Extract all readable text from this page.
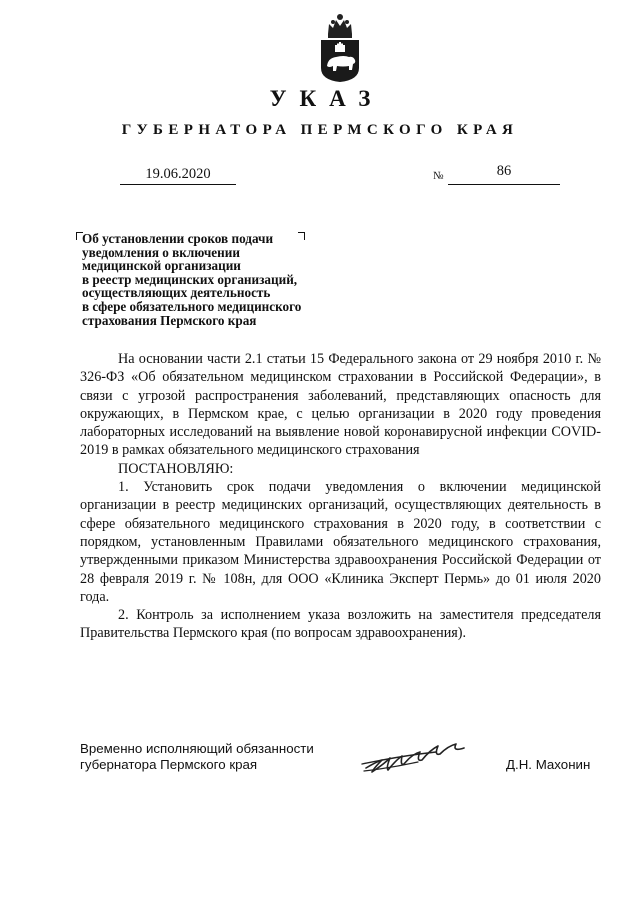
УКАЗ
ГУБЕРНАТОРА ПЕРМСКОГО КРАЯ
19.06.2020	№	86
Об установлении сроков подачи
уведомления о включении
медицинской организации
в реестр медицинских организаций,
осуществляющих деятельность
в сфере обязательного медицинского
страхования Пермского края

На основании части 2.1 статьи 15 Федерального закона от 29 ноября 2010 г. № 326-ФЗ «Об обязательном медицинском страховании в Российской Федерации», в связи с угрозой распространения заболеваний, представляющих опасность для окружающих, в Пермском крае, с целью организации в 2020 году проведения лабораторных исследований на выявление новой коронавирусной инфекции COVID-2019 в рамках обязательного медицинского страхования

ПОСТАНОВЛЯЮ:

1. Установить срок подачи уведомления о включении медицинской организации в реестр медицинских организаций, осуществляющих деятельность в сфере обязательного медицинского страхования в 2020 году, в соответствии с порядком, установленным Правилами обязательного медицинского страхования, утвержденными приказом Министерства здравоохранения Российской Федерации от 28 февраля 2019 г. № 108н, для ООО «Клиника Эксперт Пермь» до 01 июля 2020 года.

2. Контроль за исполнением указа возложить на заместителя председателя Правительства Пермского края (по вопросам здравоохранения).

Временно исполняющий обязанности
губернатора Пермского края	Д.Н. Махонин
